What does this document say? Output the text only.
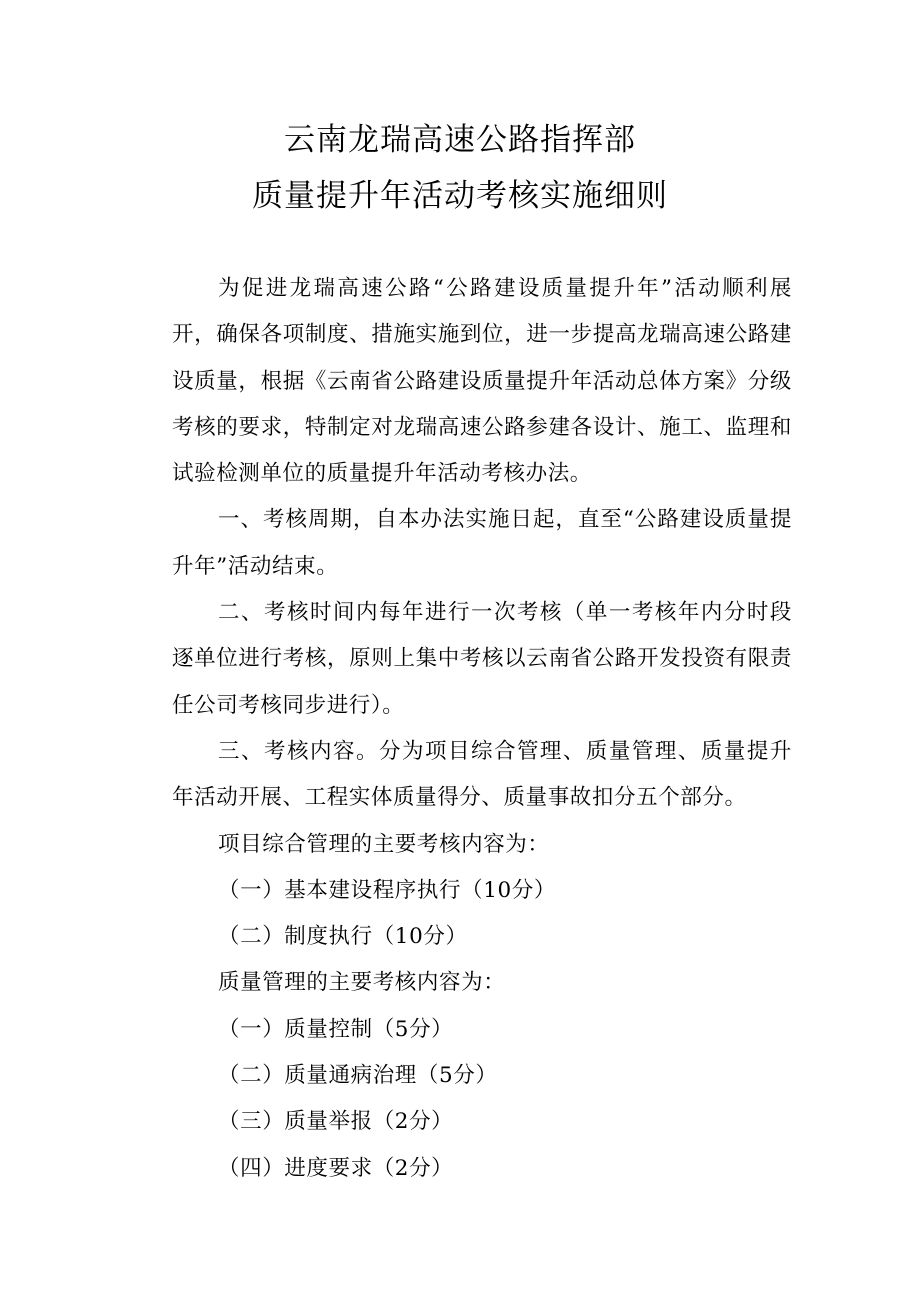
云南龙瑞高速公路指挥部
质量提升年活动考核实施细则

为促进龙瑞高速公路“公路建设质量提升年”活动顺利展开，确保各项制度、措施实施到位，进一步提高龙瑞高速公路建设质量，根据《云南省公路建设质量提升年活动总体方案》分级考核的要求，特制定对龙瑞高速公路参建各设计、施工、监理和试验检测单位的质量提升年活动考核办法。

一、考核周期，自本办法实施日起，直至“公路建设质量提升年”活动结束。

二、考核时间内每年进行一次考核（单一考核年内分时段逐单位进行考核，原则上集中考核以云南省公路开发投资有限责任公司考核同步进行）。

三、考核内容。分为项目综合管理、质量管理、质量提升年活动开展、工程实体质量得分、质量事故扣分五个部分。

项目综合管理的主要考核内容为：

（一）基本建设程序执行（10分）

（二）制度执行（10分）

质量管理的主要考核内容为：

（一）质量控制（5分）

（二）质量通病治理（5分）

（三）质量举报（2分）

（四）进度要求（2分）
